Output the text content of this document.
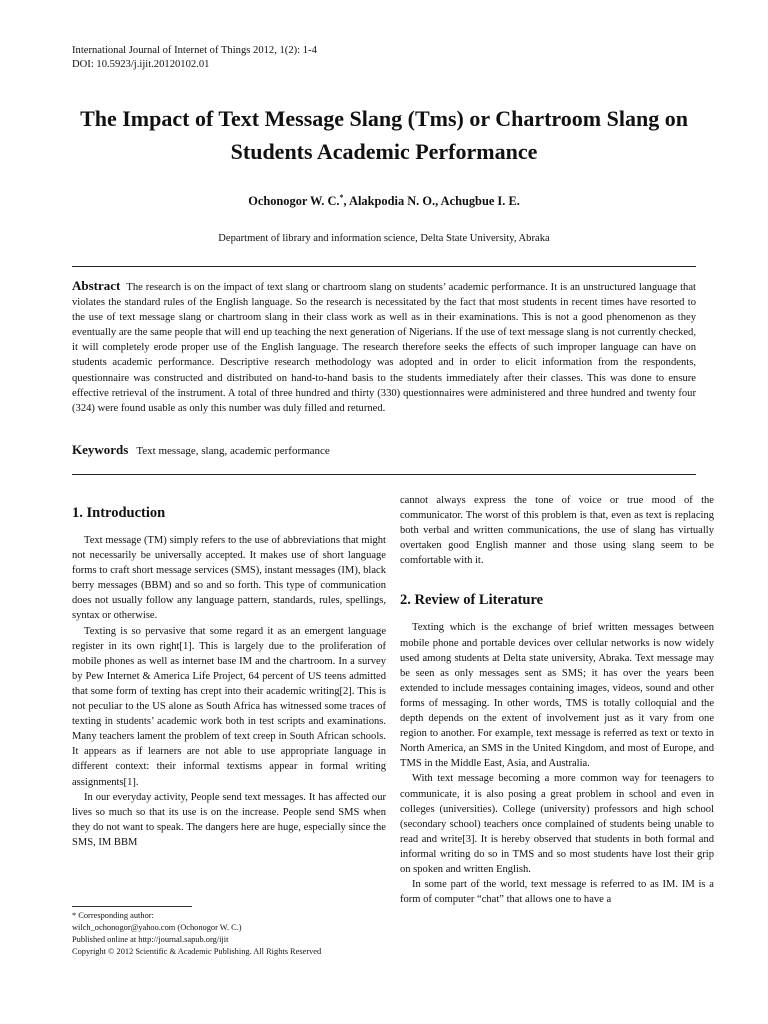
International Journal of Internet of Things 2012, 1(2): 1-4
DOI: 10.5923/j.ijit.20120102.01
The Impact of Text Message Slang (Tms) or Chartroom Slang on Students Academic Performance
Ochonogor W. C.*, Alakpodia N. O., Achugbue I. E.
Department of library and information science, Delta State University, Abraka
Abstract The research is on the impact of text slang or chartroom slang on students’ academic performance. It is an unstructured language that violates the standard rules of the English language. So the research is necessitated by the fact that most students in recent times have resorted to the use of text message slang or chartroom slang in their class work as well as in their examinations. This is not a good phenomenon as they eventually are the same people that will end up teaching the next generation of Nigerians. If the use of text message slang is not currently checked, it will completely erode proper use of the English language. The research therefore seeks the effects of such improper language can have on students academic performance. Descriptive research methodology was adopted and in order to elicit information from the respondents, questionnaire was constructed and distributed on hand-to-hand basis to the students immediately after their classes. This was done to ensure effective retrieval of the instrument. A total of three hundred and thirty (330) questionnaires were administered and three hundred and twenty four (324) were found usable as only this number was duly filled and returned.
Keywords Text message, slang, academic performance
1. Introduction

Text message (TM) simply refers to the use of abbreviations that might not necessarily be universally accepted. It makes use of short language forms to craft short message services (SMS), instant messages (IM), black berry messages (BBM) and so and so forth. This type of communication does not usually follow any language pattern, standards, rules, spellings, syntax or otherwise.

Texting is so pervasive that some regard it as an emergent language register in its own right[1]. This is largely due to the proliferation of mobile phones as well as internet base IM and the chartroom. In a survey by Pew Internet & America Life Project, 64 percent of US teens admitted that some form of texting has crept into their academic writing[2]. This is not peculiar to the US alone as South Africa has witnessed some traces of texting in students’ academic work both in test scripts and examinations. Many teachers lament the problem of text creep in South African schools. It appears as if learners are not able to use appropriate language in different context: their informal textisms appear in formal writing assignments[1].

In our everyday activity, People send text messages. It has affected our lives so much so that its use is on the increase. People send SMS when they do not want to speak. The dangers here are huge, especially since the SMS, IM BBM

cannot always express the tone of voice or true mood of the communicator. The worst of this problem is that, even as text is replacing both verbal and written communications, the use of slang has virtually overtaken good English manner and those using slang seem to be comfortable with it.

2. Review of Literature

Texting which is the exchange of brief written messages between mobile phone and portable devices over cellular networks is now widely used among students at Delta state university, Abraka. Text message may be seen as only messages sent as SMS; it has over the years been extended to include messages containing images, videos, sound and other forms of messaging. In other words, TMS is totally colloquial and the depth depends on the extent of involvement just as it vary from one region to another. For example, text message is referred as text or texto in North America, an SMS in the United Kingdom, and most of Europe, and TMS in the Middle East, Asia, and Australia.

With text message becoming a more common way for teenagers to communicate, it is also posing a great problem in school and even in colleges (universities). College (university) professors and high school (secondary school) teachers once complained of students being unable to read and write[3]. It is hereby observed that students in both formal and informal writing do so in TMS and so most students have lost their grip on spoken and written English.

In some part of the world, text message is referred to as IM. IM is a form of computer “chat” that allows one to have a

* Corresponding author:
wilch_ochonogor@yahoo.com (Ochonogor W. C.)
Published online at http://journal.sapub.org/ijit
Copyright © 2012 Scientific & Academic Publishing. All Rights Reserved
